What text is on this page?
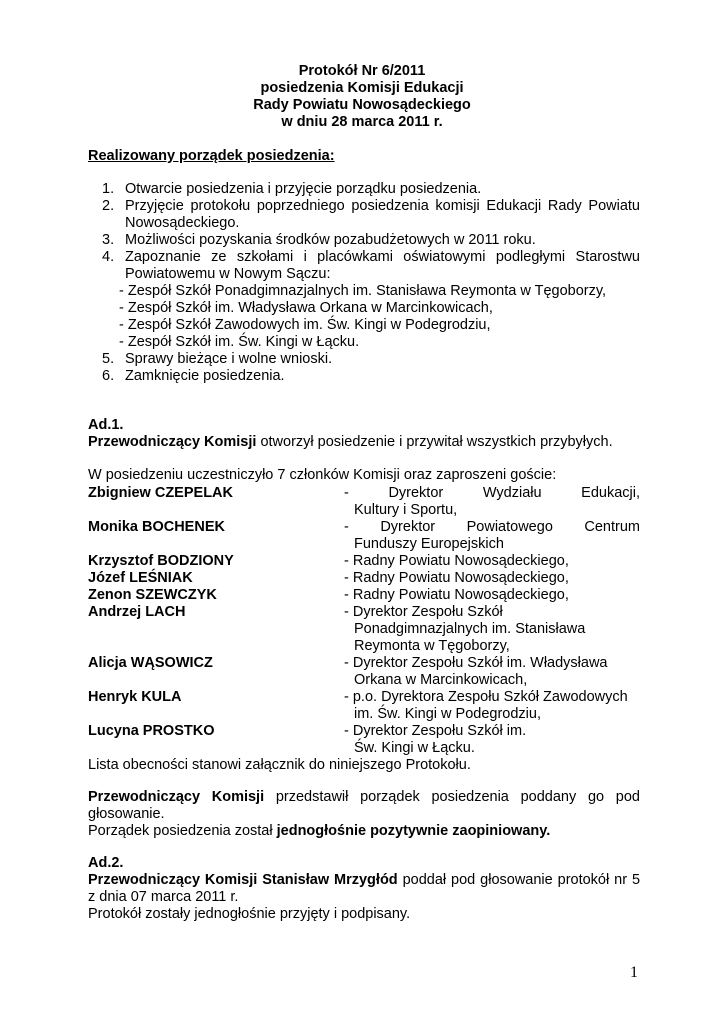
Protokół Nr 6/2011
posiedzenia Komisji Edukacji
Rady Powiatu Nowosądeckiego
w dniu 28 marca 2011 r.
Realizowany porządek posiedzenia:
1. Otwarcie posiedzenia i przyjęcie porządku posiedzenia.
2. Przyjęcie protokołu poprzedniego posiedzenia komisji Edukacji Rady Powiatu Nowosądeckiego.
3. Możliwości pozyskania środków pozabudżetowych w 2011 roku.
4. Zapoznanie ze szkołami i placówkami oświatowymi podległymi Starostwu Powiatowemu w Nowym Sączu:
- Zespół Szkół Ponadgimnazjalnych im. Stanisława Reymonta w Tęgoborzy,
- Zespół Szkół im. Władysława Orkana w Marcinkowicach,
- Zespół Szkół Zawodowych im. Św. Kingi w Podegrodziu,
- Zespół Szkół im. Św. Kingi w Łącku.
5. Sprawy bieżące i wolne wnioski.
6. Zamknięcie posiedzenia.
Ad.1.
Przewodniczący Komisji otworzył posiedzenie i przywitał wszystkich przybyłych.
W posiedzeniu uczestniczyło 7 członków Komisji oraz zaproszeni goście:
Zbigniew CZEPELAK	- Dyrektor Wydziału Edukacji,
Kultury i Sportu,
Monika BOCHENEK	- Dyrektor Powiatowego Centrum
Funduszy Europejskich
Krzysztof BODZIONY	- Radny Powiatu Nowosądeckiego,
Józef LEŚNIAK	- Radny Powiatu Nowosądeckiego,
Zenon SZEWCZYK	- Radny Powiatu Nowosądeckiego,
Andrzej LACH	- Dyrektor Zespołu Szkół
Ponadgimnazjalnych im. Stanisława
Reymonta w Tęgoborzy,
Alicja WĄSOWICZ	- Dyrektor Zespołu Szkół im. Władysława
Orkana w Marcinkowicach,
Henryk KULA	- p.o. Dyrektora Zespołu Szkół Zawodowych
im. Św. Kingi w Podegrodziu,
Lucyna PROSTKO	- Dyrektor Zespołu Szkół im.
Św. Kingi w Łącku.
Lista obecności stanowi załącznik do niniejszego Protokołu.
Przewodniczący Komisji przedstawił porządek posiedzenia poddany go pod głosowanie.
Porządek posiedzenia został jednogłośnie pozytywnie zaopiniowany.
Ad.2.
Przewodniczący Komisji Stanisław Mrzygłód poddał pod głosowanie protokół nr 5 z dnia 07 marca 2011 r.
Protokół zostały jednogłośnie przyjęty i podpisany.
1
